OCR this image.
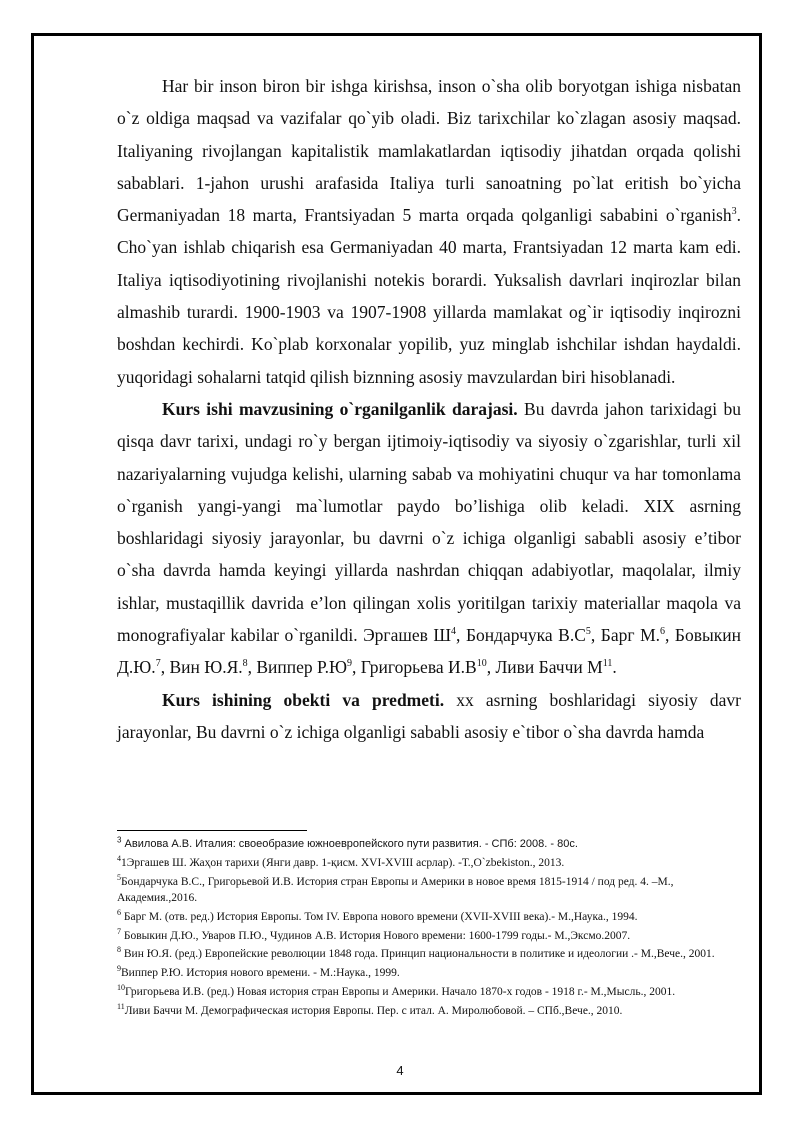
Har bir inson biron bir ishga kirishsa, inson o`sha olib boryotgan ishiga nisbatan o`z oldiga maqsad va vazifalar qo`yib oladi. Biz tarixchilar ko`zlagan asosiy maqsad. Italiyaning rivojlangan kapitalistik mamlakatlardan iqtisodiy jihatdan orqada qolishi sabablari. 1-jahon urushi arafasida Italiya turli sanoatning po`lat eritish bo`yicha Germaniyadan 18 marta, Frantsiyadan 5 marta orqada qolganligi sababini o`rganish$^3$. Cho`yan ishlab chiqarish esa Germaniyadan 40 marta, Frantsiyadan 12 marta kam edi. Italiya iqtisodiyotining rivojlanishi notekis borardi. Yuksalish davrlari inqirozlar bilan almashib turardi. 1900-1903 va 1907-1908 yillarda mamlakat og`ir iqtisodiy inqirozni boshdan kechirdi. Ko`plab korxonalar yopilib, yuz minglab ishchilar ishdan haydaldi. yuqoridagi sohalarni tatqid qilish biznning asosiy mavzulardan biri hisoblanadi.

Kurs ishi mavzusining o`rganilganlik darajasi. Bu davrda jahon tarixidagi bu qisqa davr tarixi, undagi ro`y bergan ijtimoiy-iqtisodiy va siyosiy o`zgarishlar, turli xil nazariyalarning vujudga kelishi, ularning sabab va mohiyatini chuqur va har tomonlama o`rganish yangi-yangi ma`lumotlar paydo bo’lishiga olib keladi. XIX asrning boshlaridagi siyosiy jarayonlar, bu davrni o`z ichiga olganligi sababli asosiy e’tibor o`sha davrda hamda keyingi yillarda nashrdan chiqqan adabiyotlar, maqolalar, ilmiy ishlar, mustaqillik davrida e’lon qilingan xolis yoritilgan tarixiy materiallar maqola va monografiyalar kabilar o`rganildi. Эргашев $Ш^4$, Бондарчука $В.С^5$, Барг М.$^6$, Бовыкин Д.Ю.$^7$, Вин Ю.Я.$^8$, Виппер $Р.Ю^9$, Григорьева $И.В^{10}$, Ливи Баччи $М^{11}$.

Kurs ishining obekti va predmeti. xx asrning boshlaridagi siyosiy davr jarayonlar, Bu davrni o`z ichiga olganligi sababli asosiy e`tibor o`sha davrda hamda

$^3$ Авилова А.В. Италия: своеобразие южноевропейского пути развития. - СПб: 2008. - 80с.

$^4$1Эргашев Ш. Жаҳон тарихи (Янги давр. 1-қисм. XVI-XVIII асрлар). -Т.,O`zbekiston., 2013.

$^5$Бондарчука В.С., Григорьевой И.В. История стран Европы и Америки в новое время 1815-1914 / под ред. 4. –М., Академия.,2016.

$^6$ Барг М. (отв. ред.) История Европы. Том IV. Европа нового времени (XVII-XVIII века).- М.,Наука., 1994.

$^7$ Бовыкин Д.Ю., Уваров П.Ю., Чудинов А.В. История Нового времени: 1600-1799 годы.- М.,Эксмо.2007.

$^8$ Вин Ю.Я. (ред.) Европейские революции 1848 года. Принцип национальности в политике и идеологии .- М.,Вече., 2001.

$^9$Виппер Р.Ю. История нового времени. - М.:Наука., 1999.

$^{10}$Григорьева И.В. (ред.) Новая история стран Европы и Америки. Начало 1870-х годов - 1918 г.- М.,Мысль., 2001.

$^{11}$Ливи Баччи М. Демографическая история Европы. Пер. с итал. А. Миролюбовой. – СПб.,Вече., 2010.

4
